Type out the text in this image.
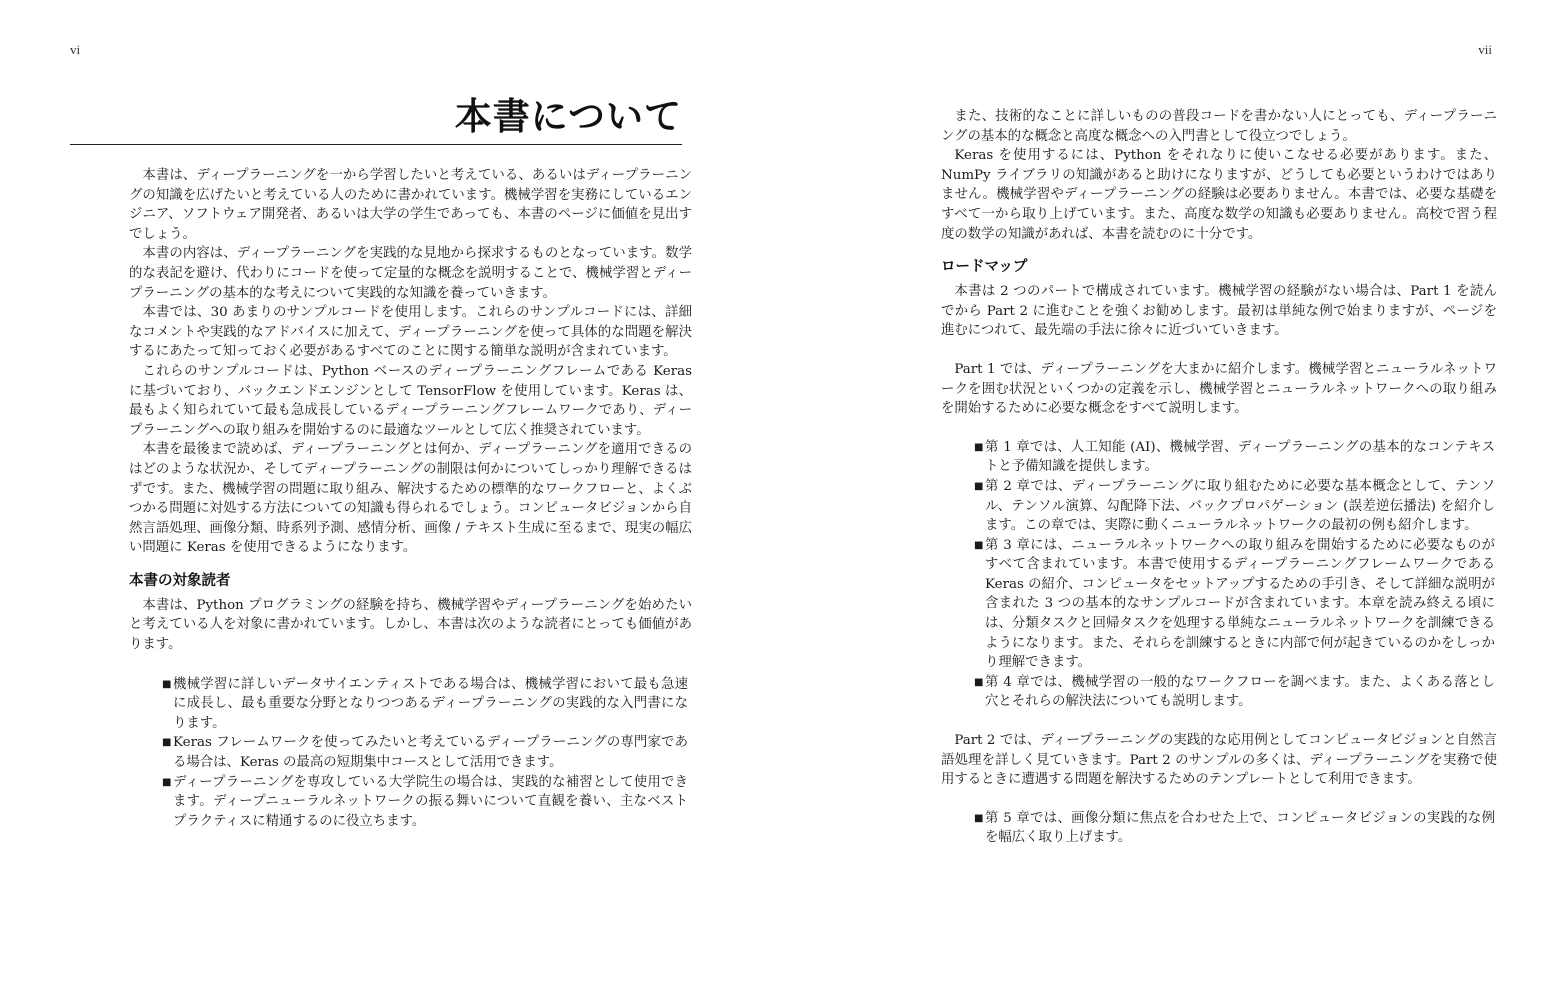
vi
本書について

本書は、ディープラーニングを一から学習したいと考えている、あるいはディープラーニングの知識を広げたいと考えている人のために書かれています。機械学習を実務にしているエンジニア、ソフトウェア開発者、あるいは大学の学生であっても、本書のページに価値を見出すでしょう。

本書の内容は、ディープラーニングを実践的な見地から探求するものとなっています。数学的な表記を避け、代わりにコードを使って定量的な概念を説明することで、機械学習とディープラーニングの基本的な考えについて実践的な知識を養っていきます。

本書では、30 あまりのサンプルコードを使用します。これらのサンプルコードには、詳細なコメントや実践的なアドバイスに加えて、ディープラーニングを使って具体的な問題を解決するにあたって知っておく必要があるすべてのことに関する簡単な説明が含まれています。

これらのサンプルコードは、Python ベースのディープラーニングフレームである Keras に基づいており、バックエンドエンジンとして TensorFlow を使用しています。Keras は、最もよく知られていて最も急成長しているディープラーニングフレームワークであり、ディープラーニングへの取り組みを開始するのに最適なツールとして広く推奨されています。

本書を最後まで読めば、ディープラーニングとは何か、ディープラーニングを適用できるのはどのような状況か、そしてディープラーニングの制限は何かについてしっかり理解できるはずです。また、機械学習の問題に取り組み、解決するための標準的なワークフローと、よくぶつかる問題に対処する方法についての知識も得られるでしょう。コンピュータビジョンから自然言語処理、画像分類、時系列予測、感情分析、画像 / テキスト生成に至るまで、現実の幅広い問題に Keras を使用できるようになります。

本書の対象読者

本書は、Python プログラミングの経験を持ち、機械学習やディープラーニングを始めたいと考えている人を対象に書かれています。しかし、本書は次のような読者にとっても価値があります。

■ 機械学習に詳しいデータサイエンティストである場合は、機械学習において最も急速に成長し、最も重要な分野となりつつあるディープラーニングの実践的な入門書になります。
■ Keras フレームワークを使ってみたいと考えているディープラーニングの専門家である場合は、Keras の最高の短期集中コースとして活用できます。
■ ディープラーニングを専攻している大学院生の場合は、実践的な補習として使用できます。ディープニューラルネットワークの振る舞いについて直観を養い、主なベストプラクティスに精通するのに役立ちます。
vii

また、技術的なことに詳しいものの普段コードを書かない人にとっても、ディープラーニングの基本的な概念と高度な概念への入門書として役立つでしょう。

Keras を使用するには、Python をそれなりに使いこなせる必要があります。また、NumPy ライブラリの知識があると助けになりますが、どうしても必要というわけではありません。機械学習やディープラーニングの経験は必要ありません。本書では、必要な基礎をすべて一から取り上げています。また、高度な数学の知識も必要ありません。高校で習う程度の数学の知識があれば、本書を読むのに十分です。

ロードマップ

本書は 2 つのパートで構成されています。機械学習の経験がない場合は、Part 1 を読んでから Part 2 に進むことを強くお勧めします。最初は単純な例で始まりますが、ページを進むにつれて、最先端の手法に徐々に近づいていきます。

Part 1 では、ディープラーニングを大まかに紹介します。機械学習とニューラルネットワークを囲む状況といくつかの定義を示し、機械学習とニューラルネットワークへの取り組みを開始するために必要な概念をすべて説明します。

■ 第 1 章では、人工知能 (AI)、機械学習、ディープラーニングの基本的なコンテキストと予備知識を提供します。
■ 第 2 章では、ディープラーニングに取り組むために必要な基本概念として、テンソル、テンソル演算、勾配降下法、バックプロパゲーション (誤差逆伝播法) を紹介します。この章では、実際に動くニューラルネットワークの最初の例も紹介します。
■ 第 3 章には、ニューラルネットワークへの取り組みを開始するために必要なものがすべて含まれています。本書で使用するディープラーニングフレームワークである Keras の紹介、コンピュータをセットアップするための手引き、そして詳細な説明が含まれた 3 つの基本的なサンプルコードが含まれています。本章を読み終える頃には、分類タスクと回帰タスクを処理する単純なニューラルネットワークを訓練できるようになります。また、それらを訓練するときに内部で何が起きているのかをしっかり理解できます。
■ 第 4 章では、機械学習の一般的なワークフローを調べます。また、よくある落とし穴とそれらの解決法についても説明します。

Part 2 では、ディープラーニングの実践的な応用例としてコンピュータビジョンと自然言語処理を詳しく見ていきます。Part 2 のサンプルの多くは、ディープラーニングを実務で使用するときに遭遇する問題を解決するためのテンプレートとして利用できます。

■ 第 5 章では、画像分類に焦点を合わせた上で、コンピュータビジョンの実践的な例を幅広く取り上げます。
